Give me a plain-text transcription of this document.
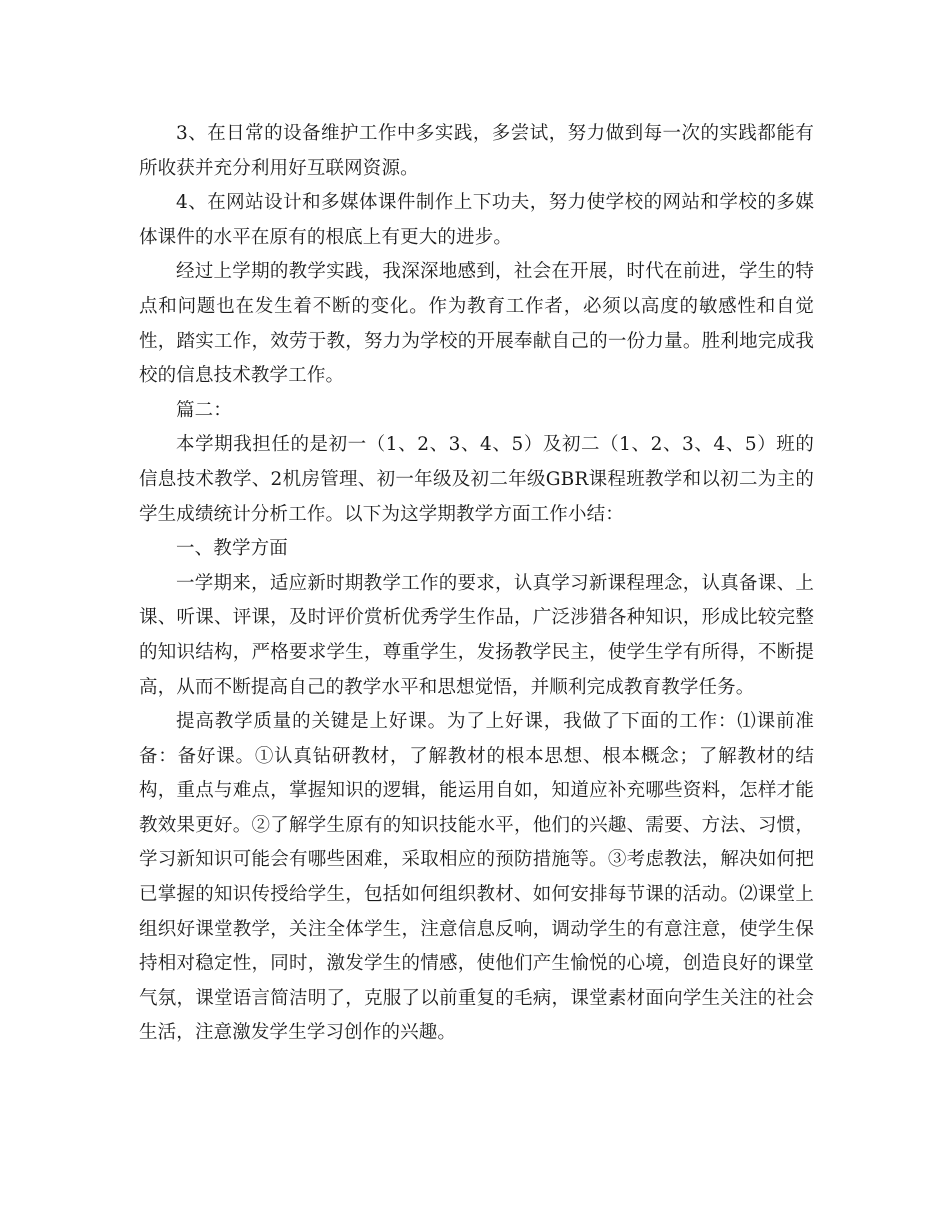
3、在日常的设备维护工作中多实践，多尝试，努力做到每一次的实践都能有所收获并充分利用好互联网资源。

4、在网站设计和多媒体课件制作上下功夫，努力使学校的网站和学校的多媒体课件的水平在原有的根底上有更大的进步。

经过上学期的教学实践，我深深地感到，社会在开展，时代在前进，学生的特点和问题也在发生着不断的变化。作为教育工作者，必须以高度的敏感性和自觉性，踏实工作，效劳于教，努力为学校的开展奉献自己的一份力量。胜利地完成我校的信息技术教学工作。

篇二：

本学期我担任的是初一（1、2、3、4、5）及初二（1、2、3、4、5）班的信息技术教学、2机房管理、初一年级及初二年级GBR课程班教学和以初二为主的学生成绩统计分析工作。以下为这学期教学方面工作小结：

一、教学方面

一学期来，适应新时期教学工作的要求，认真学习新课程理念，认真备课、上课、听课、评课，及时评价赏析优秀学生作品，广泛涉猎各种知识，形成比较完整的知识结构，严格要求学生，尊重学生，发扬教学民主，使学生学有所得，不断提高，从而不断提高自己的教学水平和思想觉悟，并顺利完成教育教学任务。

提高教学质量的关键是上好课。为了上好课，我做了下面的工作：⑴课前准备：备好课。①认真钻研教材，了解教材的根本思想、根本概念；了解教材的结构，重点与难点，掌握知识的逻辑，能运用自如，知道应补充哪些资料，怎样才能教效果更好。②了解学生原有的知识技能水平，他们的兴趣、需要、方法、习惯，学习新知识可能会有哪些困难，采取相应的预防措施等。③考虑教法，解决如何把已掌握的知识传授给学生，包括如何组织教材、如何安排每节课的活动。⑵课堂上组织好课堂教学，关注全体学生，注意信息反响，调动学生的有意注意，使学生保持相对稳定性，同时，激发学生的情感，使他们产生愉悦的心境，创造良好的课堂气氛，课堂语言简洁明了，克服了以前重复的毛病，课堂素材面向学生关注的社会生活，注意激发学生学习创作的兴趣。
